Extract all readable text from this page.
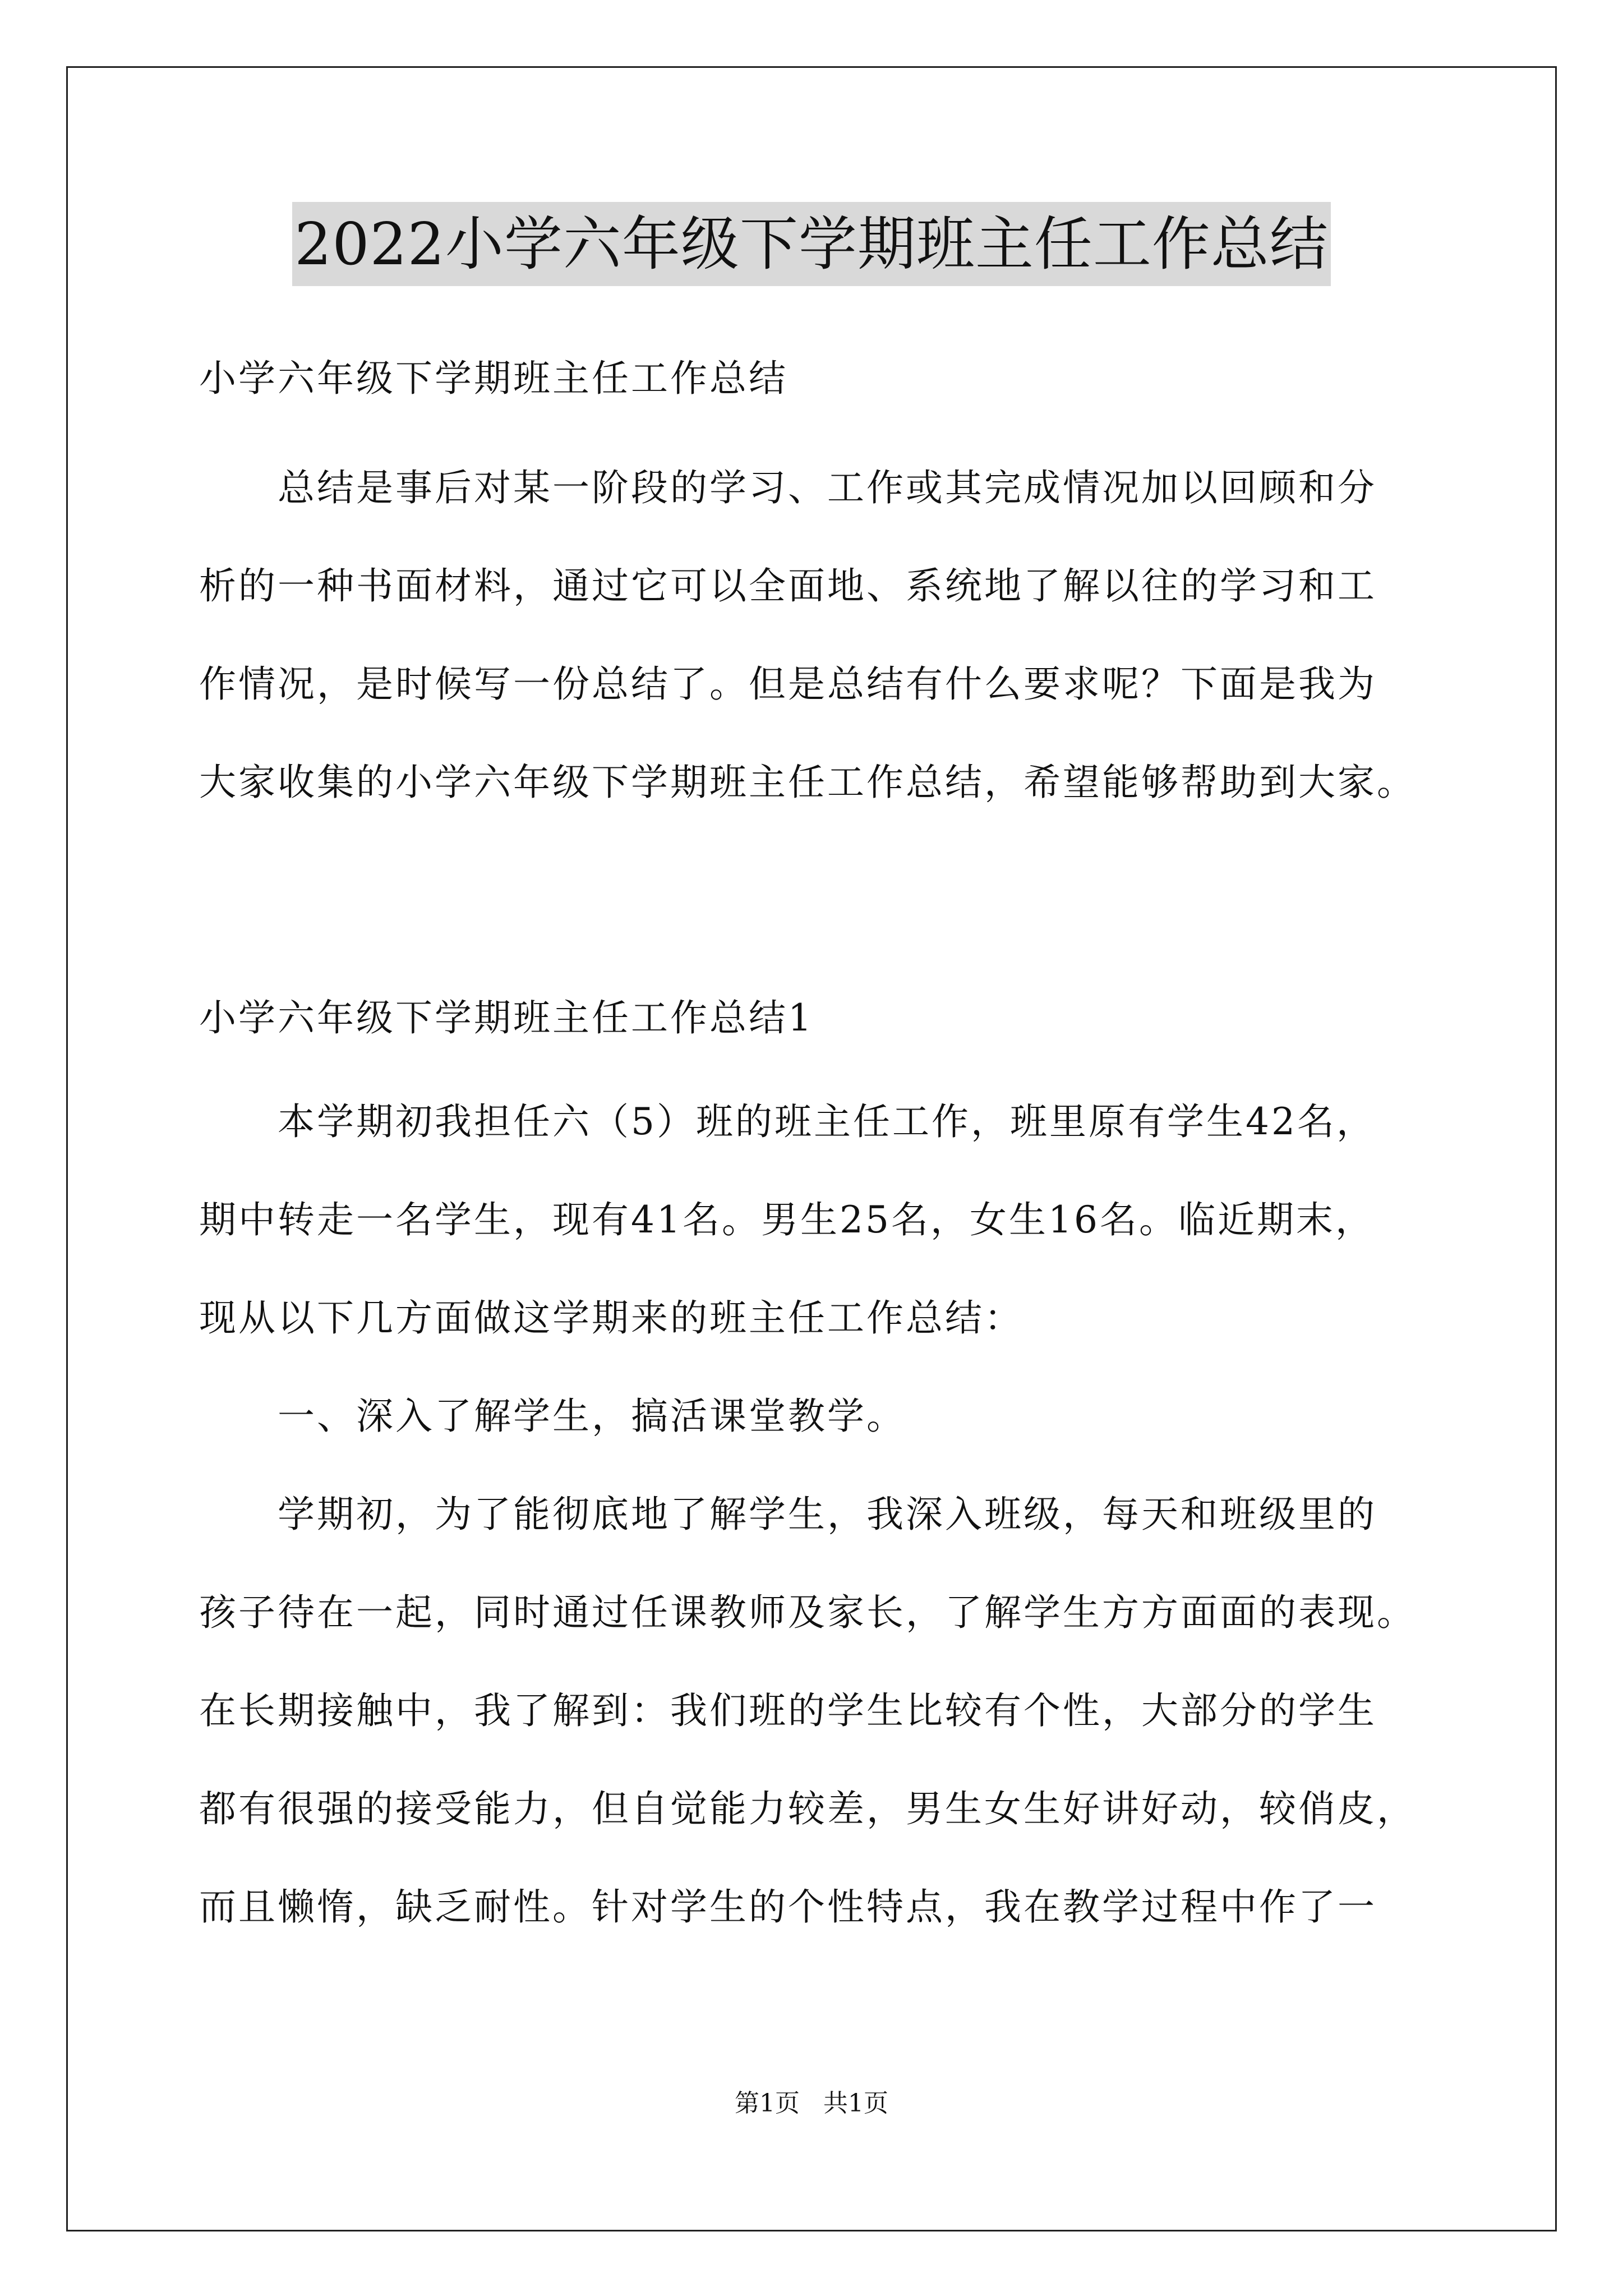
2022小学六年级下学期班主任工作总结
小学六年级下学期班主任工作总结
总结是事后对某一阶段的学习、工作或其完成情况加以回顾和分
析的一种书面材料，通过它可以全面地、系统地了解以往的学习和工
作情况，是时候写一份总结了。但是总结有什么要求呢？下面是我为
大家收集的小学六年级下学期班主任工作总结，希望能够帮助到大家。
小学六年级下学期班主任工作总结1
本学期初我担任六（5）班的班主任工作，班里原有学生42名，
期中转走一名学生，现有41名。男生25名，女生16名。临近期末，
现从以下几方面做这学期来的班主任工作总结：
一、深入了解学生，搞活课堂教学。
学期初，为了能彻底地了解学生，我深入班级，每天和班级里的
孩子待在一起，同时通过任课教师及家长，了解学生方方面面的表现。
在长期接触中，我了解到：我们班的学生比较有个性，大部分的学生
都有很强的接受能力，但自觉能力较差，男生女生好讲好动，较俏皮，
而且懒惰，缺乏耐性。针对学生的个性特点，我在教学过程中作了一
第1页   共1页
